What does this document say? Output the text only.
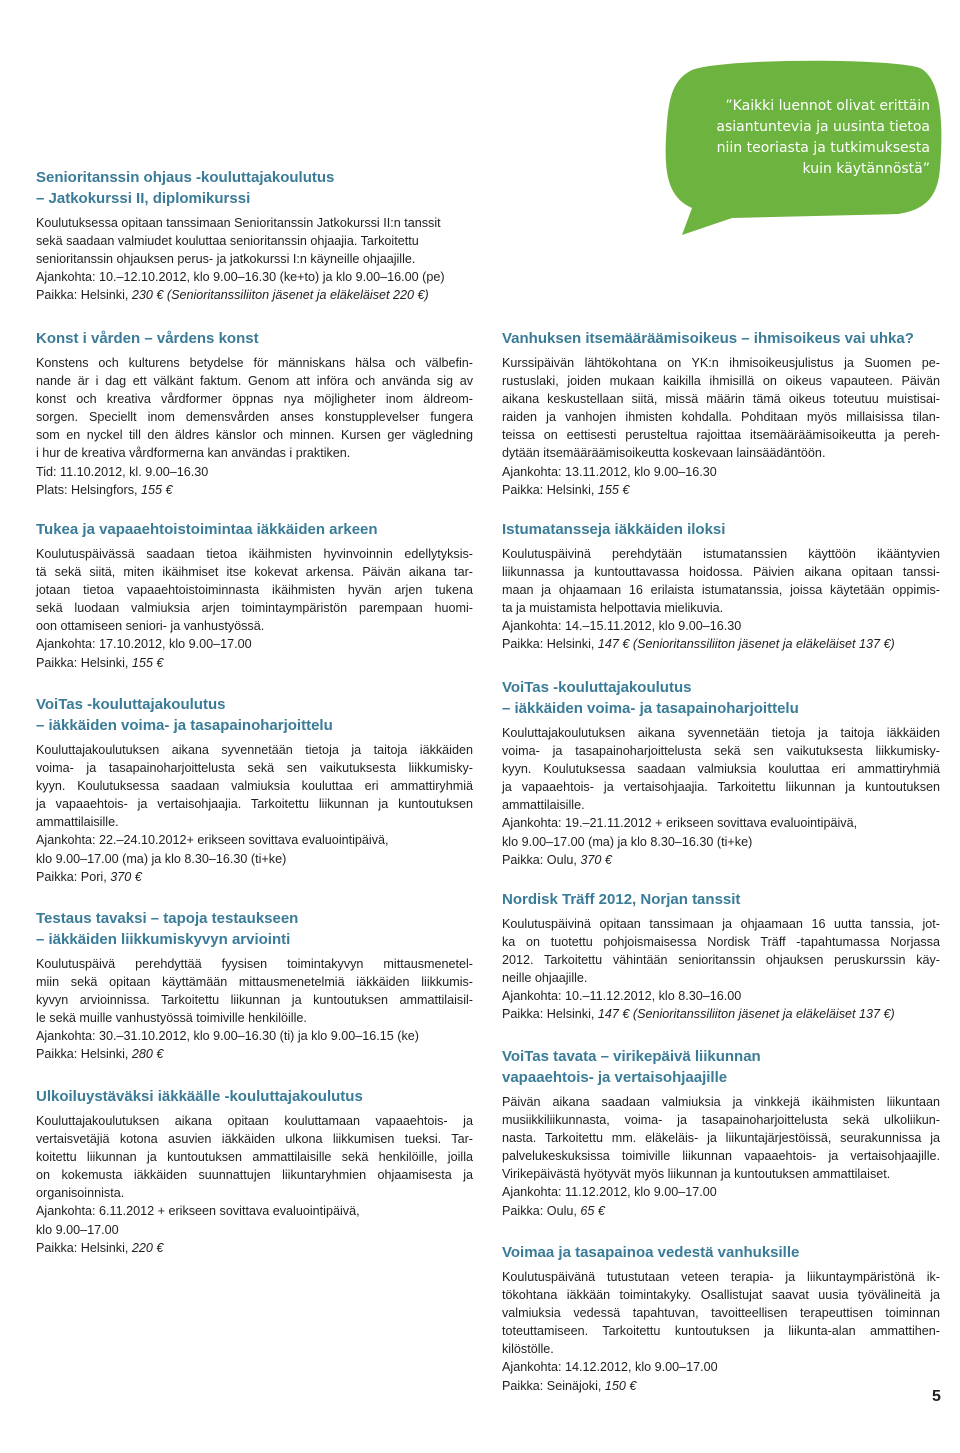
”Kaikki luennot olivat erittäin
asiantuntevia ja uusinta tietoa
niin teoriasta ja tutkimuksesta
kuin käytännöstä”
Senioritanssin ohjaus -kouluttajakoulutus
– Jatkokurssi II, diplomikurssi
Koulutuksessa opitaan tanssimaan Senioritanssin Jatkokurssi II:n tanssit
sekä saadaan valmiudet kouluttaa senioritanssin ohjaajia. Tarkoitettu
senioritanssin ohjauksen perus- ja jatkokurssi I:n käyneille ohjaajille.
Ajankohta: 10.–12.10.2012, klo 9.00–16.30 (ke+to) ja klo 9.00–16.00 (pe)
Paikka: Helsinki, 230 € (Senioritanssiliiton jäsenet ja eläkeläiset 220 €)
Konst i vården – vårdens konst
Konstens och kulturens betydelse för människans hälsa och välbefin-
nande är i dag ett välkänt faktum. Genom att införa och använda sig av
konst och kreativa vårdformer öppnas nya möjligheter inom äldreom-
sorgen. Speciellt inom demensvården anses konstupplevelser fungera
som en nyckel till den äldres känslor och minnen. Kursen ger vägledning
i hur de kreativa vårdformerna kan användas i praktiken.
Tid: 11.10.2012, kl. 9.00–16.30
Plats: Helsingfors, 155 €
Tukea ja vapaaehtoistoimintaa iäkkäiden arkeen
Koulutuspäivässä saadaan tietoa ikäihmisten hyvinvoinnin edellytyksis-
tä sekä siitä, miten ikäihmiset itse kokevat arkensa. Päivän aikana tar-
jotaan tietoa vapaaehtoistoiminnasta ikäihmisten hyvän arjen tukena
sekä luodaan valmiuksia arjen toimintaympäristön parempaan huomi-
oon ottamiseen seniori- ja vanhustyössä.
Ajankohta: 17.10.2012, klo 9.00–17.00
Paikka: Helsinki, 155 €
VoiTas -kouluttajakoulutus
– iäkkäiden voima- ja tasapainoharjoittelu
Kouluttajakoulutuksen aikana syvennetään tietoja ja taitoja iäkkäiden
voima- ja tasapainoharjoittelusta sekä sen vaikutuksesta liikkumisky-
kyyn. Koulutuksessa saadaan valmiuksia kouluttaa eri ammattiryhmiä
ja vapaaehtois- ja vertaisohjaajia. Tarkoitettu liikunnan ja kuntoutuksen
ammattilaisille.
Ajankohta: 22.–24.10.2012+ erikseen sovittava evaluointipäivä,
klo 9.00–17.00 (ma) ja klo 8.30–16.30 (ti+ke)
Paikka: Pori, 370 €
Testaus tavaksi – tapoja testaukseen
– iäkkäiden liikkumiskyvyn arviointi
Koulutuspäivä perehdyttää fyysisen toimintakyvyn mittausmenetel-
miin sekä opitaan käyttämään mittausmenetelmiä iäkkäiden liikkumis-
kyvyn arvioinnissa. Tarkoitettu liikunnan ja kuntoutuksen ammattilaisil-
le sekä muille vanhustyössä toimiville henkilöille.
Ajankohta: 30.–31.10.2012, klo 9.00–16.30 (ti) ja klo 9.00–16.15 (ke)
Paikka: Helsinki, 280 €
Ulkoiluystäväksi iäkkäälle -kouluttajakoulutus
Kouluttajakoulutuksen aikana opitaan kouluttamaan vapaaehtois- ja
vertaisvetäjiä kotona asuvien iäkkäiden ulkona liikkumisen tueksi. Tar-
koitettu liikunnan ja kuntoutuksen ammattilaisille sekä henkilöille, joilla
on kokemusta iäkkäiden suunnattujen liikuntaryhmien ohjaamisesta ja
organisoinnista.
Ajankohta: 6.11.2012 + erikseen sovittava evaluointipäivä,
klo 9.00–17.00
Paikka: Helsinki, 220 €
Vanhuksen itsemääräämisoikeus – ihmisoikeus vai uhka?
Kurssipäivän lähtökohtana on YK:n ihmisoikeusjulistus ja Suomen pe-
rustuslaki, joiden mukaan kaikilla ihmisillä on oikeus vapauteen. Päivän
aikana keskustellaan siitä, missä määrin tämä oikeus toteutuu muistisai-
raiden ja vanhojen ihmisten kohdalla. Pohditaan myös millaisissa tilan-
teissa on eettisesti perusteltua rajoittaa itsemääräämisoikeutta ja pereh-
dytään itsemääräämisoikeutta koskevaan lainsäädäntöön.
Ajankohta: 13.11.2012, klo 9.00–16.30
Paikka: Helsinki, 155 €
Istumatansseja iäkkäiden iloksi
Koulutuspäivinä perehdytään istumatanssien käyttöön ikääntyvien
liikunnassa ja kuntouttavassa hoidossa. Päivien aikana opitaan tanssi-
maan ja ohjaamaan 16 erilaista istumatanssia, joissa käytetään oppimis-
ta ja muistamista helpottavia mielikuvia.
Ajankohta: 14.–15.11.2012, klo 9.00–16.30
Paikka: Helsinki, 147 € (Senioritanssiliiton jäsenet ja eläkeläiset 137 €)
VoiTas -kouluttajakoulutus
– iäkkäiden voima- ja tasapainoharjoittelu
Kouluttajakoulutuksen aikana syvennetään tietoja ja taitoja iäkkäiden
voima- ja tasapainoharjoittelusta sekä sen vaikutuksesta liikkumisky-
kyyn. Koulutuksessa saadaan valmiuksia kouluttaa eri ammattiryhmiä
ja vapaaehtois- ja vertaisohjaajia. Tarkoitettu liikunnan ja kuntoutuksen
ammattilaisille.
Ajankohta: 19.–21.11.2012 + erikseen sovittava evaluointipäivä,
klo 9.00–17.00 (ma) ja klo 8.30–16.30 (ti+ke)
Paikka: Oulu, 370 €
Nordisk Träff 2012, Norjan tanssit
Koulutuspäivinä opitaan tanssimaan ja ohjaamaan 16 uutta tanssia, jot-
ka on tuotettu pohjoismaisessa Nordisk Träff -tapahtumassa Norjassa
2012. Tarkoitettu vähintään senioritanssin ohjauksen peruskurssin käy-
neille ohjaajille.
Ajankohta: 10.–11.12.2012, klo 8.30–16.00
Paikka: Helsinki, 147 € (Senioritanssiliiton jäsenet ja eläkeläiset 137 €)
VoiTas tavata – virikepäivä liikunnan
vapaaehtois- ja vertaisohjaajille
Päivän aikana saadaan valmiuksia ja vinkkejä ikäihmisten liikuntaan
musiikkiliikunnasta, voima- ja tasapainoharjoittelusta sekä ulkoliikun-
nasta. Tarkoitettu mm. eläkeläis- ja liikuntajärjestöissä, seurakunnissa ja
palvelukeskuksissa toimiville liikunnan vapaaehtois- ja vertaisohjaajille.
Virikepäivästä hyötyvät myös liikunnan ja kuntoutuksen ammattilaiset.
Ajankohta: 11.12.2012, klo 9.00–17.00
Paikka: Oulu, 65 €
Voimaa ja tasapainoa vedestä vanhuksille
Koulutuspäivänä tutustutaan veteen terapia- ja liikuntaympäristönä ik-
tökohtana iäkkään toimintakyky. Osallistujat saavat uusia työvälineitä ja
valmiuksia vedessä tapahtuvan, tavoitteellisen terapeuttisen toiminnan
toteuttamiseen. Tarkoitettu kuntoutuksen ja liikunta-alan ammattihen-
kilöstölle.
Ajankohta: 14.12.2012, klo 9.00–17.00
Paikka: Seinäjoki, 150 €
5
